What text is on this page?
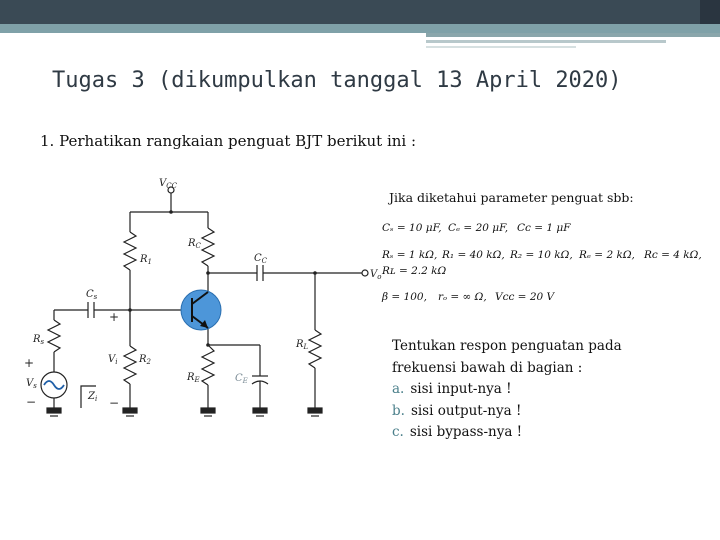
Tugas 3 (dikumpulkan tanggal 13 April 2020)
1. Perhatikan rangkaian penguat BJT berikut ini :
Jika diketahui parameter penguat sbb:
Cₛ = 10 μF, Cₑ = 20 μF, Cᴄ = 1 μF
Rₛ = 1 kΩ, R₁ = 40 kΩ, R₂ = 10 kΩ, Rₑ = 2 kΩ, Rᴄ = 4 kΩ,
Rʟ = 2.2 kΩ
β = 100, rₒ = ∞ Ω, Vᴄᴄ = 20 V
Tentukan respon penguatan pada frekuensi bawah di bagian :
a. sisi input-nya !
b. sisi output-nya !
c. sisi bypass-nya !
$V_{CC}$
$R_1$
$R_C$
$C_C$
$V_o$
$C_s$
$R_s$
$V_i$ $R_2$
$R_E$	$C_E$
$R_L$
$V_s$
$Z_i$
+
−
+
−
